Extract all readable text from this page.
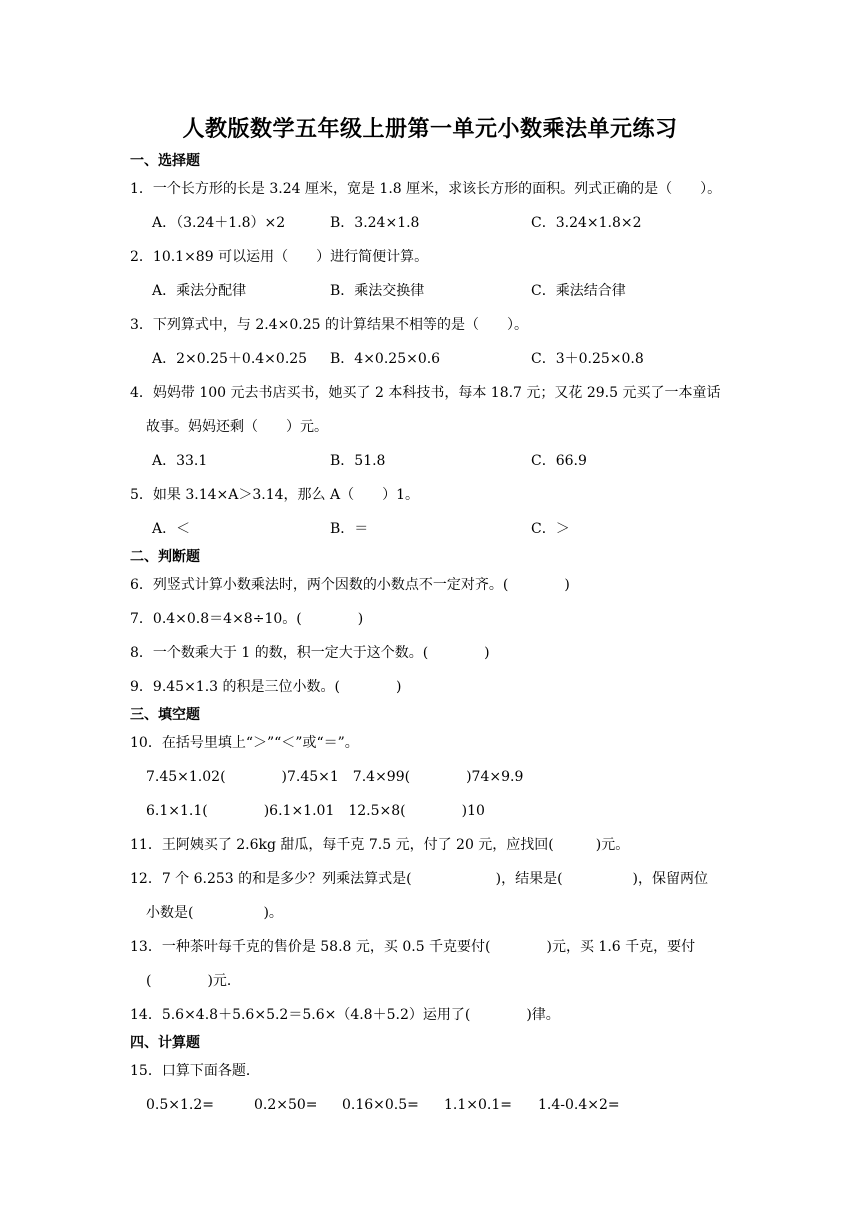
人教版数学五年级上册第一单元小数乘法单元练习
一、选择题
1．一个长方形的长是 3.24 厘米，宽是 1.8 厘米，求该长方形的面积。列式正确的是（　　）。
A．（3.24＋1.8）×2	B．3.24×1.8	C．3.24×1.8×2
2．10.1×89 可以运用（　　）进行简便计算。
A．乘法分配律	B．乘法交换律	C．乘法结合律
3．下列算式中，与 2.4×0.25 的计算结果不相等的是（　　）。
A．2×0.25＋0.4×0.25 B．4×0.25×0.6	C．3＋0.25×0.8
4．妈妈带 100 元去书店买书，她买了 2 本科技书，每本 18.7 元；又花 29.5 元买了一本童话
故事。妈妈还剩（　　）元。
A．33.1	B．51.8	C．66.9
5．如果 3.14×A＞3.14，那么 A（　　）1。
A．＜	B．＝	C．＞
二、判断题
6．列竖式计算小数乘法时，两个因数的小数点不一定对齐。(　　　　)
7．0.4×0.8＝4×8÷10。(　　　　)
8．一个数乘大于 1 的数，积一定大于这个数。(　　　　)
9．9.45×1.3 的积是三位小数。(　　　　)
三、填空题
10．在括号里填上“＞”“＜”或“＝”。
7.45×1.02(　　　　)7.45×1　7.4×99(　　　　)74×9.9
6.1×1.1(　　　　)6.1×1.01　12.5×8(　　　　)10
11．王阿姨买了 2.6kg 甜瓜，每千克 7.5 元，付了 20 元，应找回(　　　)元。
12．7 个 6.253 的和是多少？列乘法算式是(　　　　　　)，结果是(　　　　　)，保留两位
小数是(　　　　　)。
13．一种茶叶每千克的售价是 58.8 元，买 0.5 千克要付(　　　　)元，买 1.6 千克，要付
(　　　　)元．
14．5.6×4.8＋5.6×5.2＝5.6×（4.8＋5.2）运用了(　　　　)律。
四、计算题
15．口算下面各题．
0.5×1.2=	0.2×50= 0.16×0.5= 1.1×0.1= 1.4-0.4×2=
